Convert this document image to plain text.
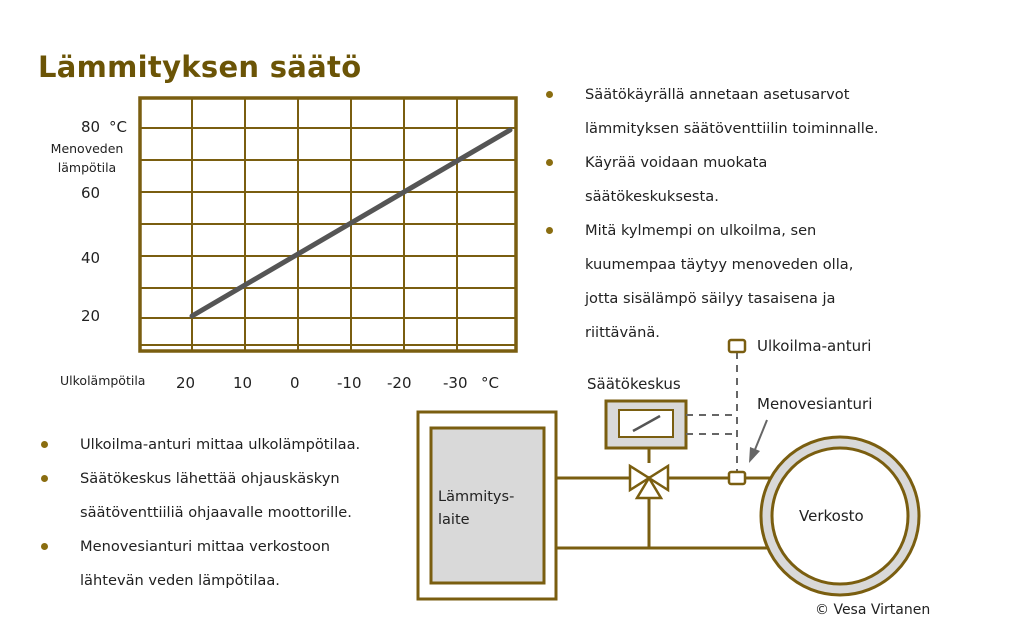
Lämmityksen säätö
80 °C
Menoveden
lämpötila
60
40
20
Ulkolämpötila 20	10	0 -10 -20 -30 °C
Säätökäyrällä annetaan asetusarvot
lämmityksen säätöventtiilin toiminnalle.
Käyrää voidaan muokata
säätökeskuksesta.
Mitä kylmempi on ulkoilma, sen
kuumempaa täytyy menoveden olla,
jotta sisälämpö säilyy tasaisena ja
riittävänä.
Ulkoilma-anturi mittaa ulkolämpötilaa.
Säätökeskus lähettää ohjauskäskyn
säätöventtiiliä ohjaavalle moottorille.
Menovesianturi mittaa verkostoon
lähtevän veden lämpötilaa.
Ulkoilma-anturi
Säätökeskus
Menovesianturi
Lämmitys-
laite	Verkosto
© Vesa Virtanen
